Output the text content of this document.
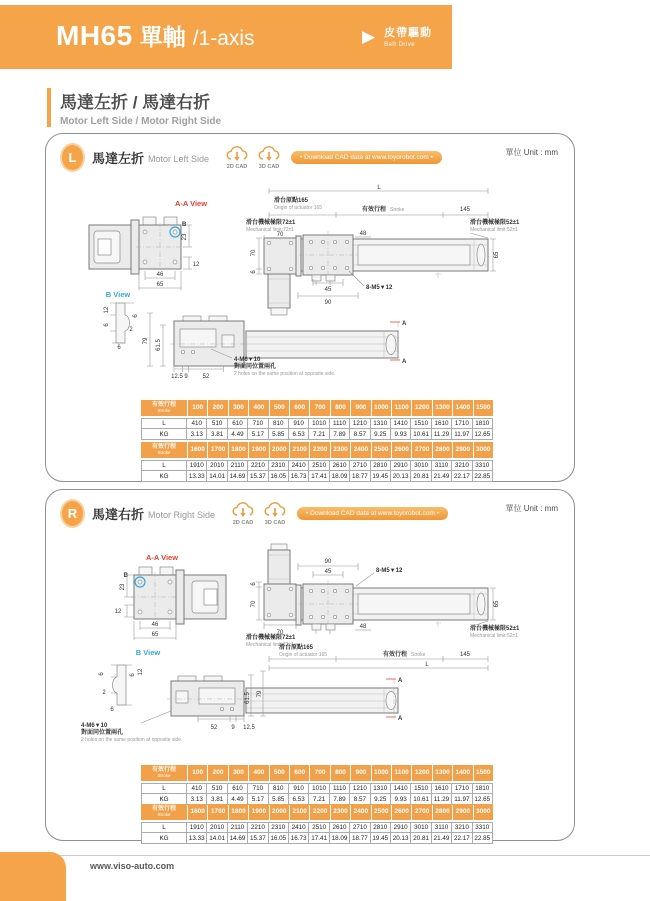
MH65 單軸 /1-axis	▶ 皮帶驅動
Belt Drive
馬達左折 / 馬達右折
Motor Left Side / Motor Right Side
L	馬達左折 Motor Left Side
2D CAD 3D CAD
• Download CAD data at www.toyorobot.com •
單位 Unit : mm
A-A View
B
23
12
46
65
B View
12
6
6
2
6
A
A
79 61.5
12.5 9 52
4-M6▼10
對面同位置兩孔
2 holes on the same position at opposite side.
L
滑台原點165
Origin of actuator:165	有效行程 Stroke	145
滑台機械極限72±1
Mechanical limit:72±1
70
滑台機械極限52±1
Mechanical limit:52±1
48
65
70
6
45
90
8-M5▼12
有效行程
Stroke	100	200	300	400	500	600	700	800	900	1000 1100 1200 1300 1400 1500
L	410	510	610	710	810	910	1010	1110	1210	1310	1410	1510	1610	1710	1810
KG	3.13	3.81	4.49	5.17	5.85	6.53	7.21	7.89	8.57	9.25	9.93	10.61 11.29 11.97 12.65
有效行程
Stroke	1600 1700 1800 1900 2000 2100 2200 2300 2400 2500 2600 2700 2800 2900 3000
L	1910	2010	2110	2210	2310	2410	2510	2610	2710	2810	2910	3010	3110	3210	3310
KG	13.33 14.01 14.69 15.37 16.05 16.73 17.41 18.09 18.77 19.45 20.13 20.81 21.49 22.17 22.85
R	馬達右折 Motor Right Side
2D CAD 3D CAD
• Download CAD data at www.toyorobot.com •
單位 Unit : mm
A-A View
B
23
12
46
65
B View
6	6 12
2
6
4-M6▼10
對面同位置兩孔
2 holes on the same position at opposite side.
A
A
61.5 79
52 9 12.5
90
45	8-M5▼12
65
6
70
70
滑台機械極限72±1
Mechanical limit:72±1
48	滑台機械極限52±1
Mechanical limit:52±1
滑台原點165
Origin of actuator:165	有效行程 Stroke	145
L
有效行程
Stroke	100	200	300	400	500	600	700	800	900	1000 1100 1200 1300 1400 1500
L	410	510	610	710	810	910	1010	1110	1210	1310	1410	1510	1610	1710	1810
KG	3.13	3.81	4.49	5.17	5.85	6.53	7.21	7.89	8.57	9.25	9.93	10.61 11.29 11.97 12.65
有效行程
Stroke	1600 1700 1800 1900 2000 2100 2200 2300 2400 2500 2600 2700 2800 2900 3000
L	1910	2010	2110	2210	2310	2410	2510	2610	2710	2810	2910	3010	3110	3210	3310
KG	13.33 14.01 14.69 15.37 16.05 16.73 17.41 18.09 18.77 19.45 20.13 20.81 21.49 22.17 22.85
www.viso-auto.com
